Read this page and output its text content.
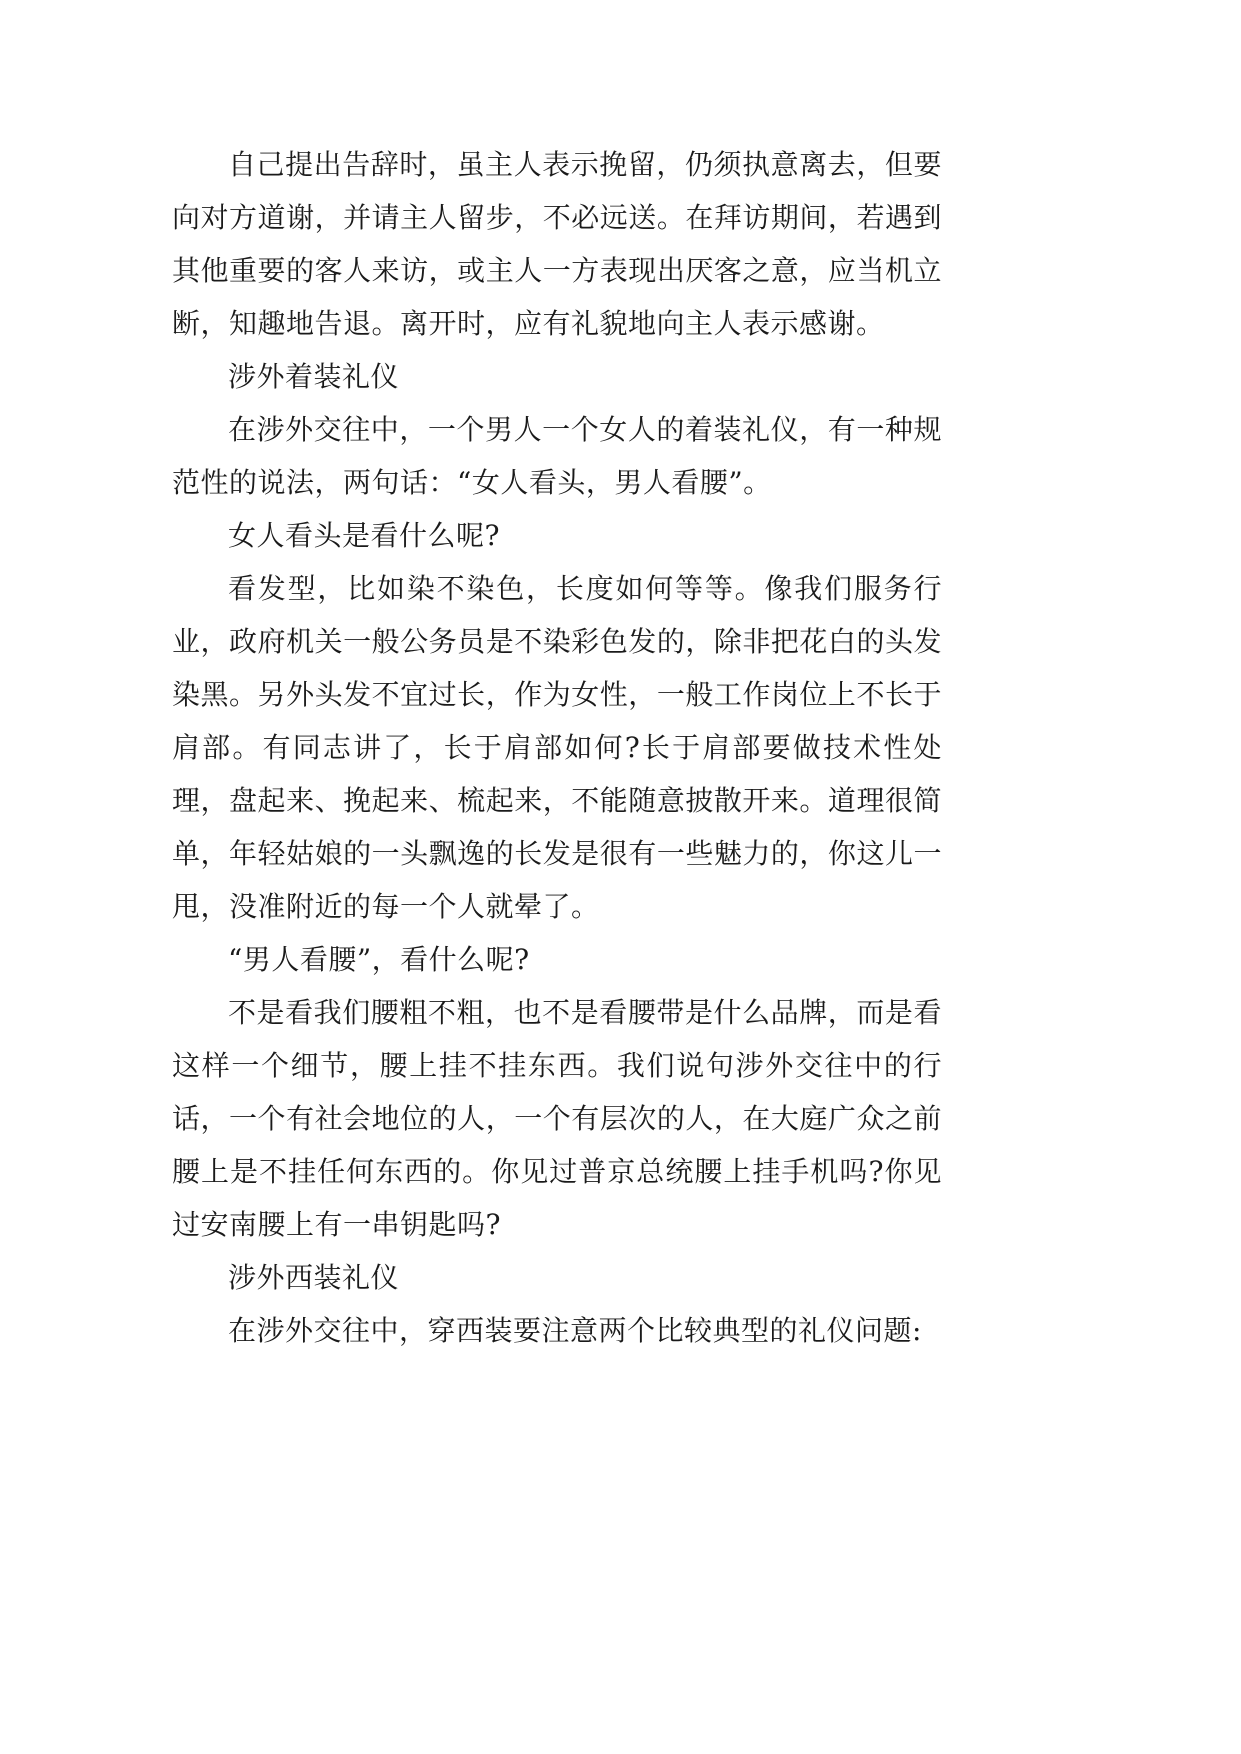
自己提出告辞时，虽主人表示挽留，仍须执意离去，但要向对方道谢，并请主人留步，不必远送。在拜访期间，若遇到其他重要的客人来访，或主人一方表现出厌客之意，应当机立断，知趣地告退。离开时，应有礼貌地向主人表示感谢。

涉外着装礼仪

在涉外交往中，一个男人一个女人的着装礼仪，有一种规范性的说法，两句话：“女人看头，男人看腰”。

女人看头是看什么呢?

看发型，比如染不染色，长度如何等等。像我们服务行业，政府机关一般公务员是不染彩色发的，除非把花白的头发染黑。另外头发不宜过长，作为女性，一般工作岗位上不长于肩部。有同志讲了，长于肩部如何?长于肩部要做技术性处理，盘起来、挽起来、梳起来，不能随意披散开来。道理很简单，年轻姑娘的一头飘逸的长发是很有一些魅力的，你这儿一甩，没准附近的每一个人就晕了。

“男人看腰”，看什么呢?

不是看我们腰粗不粗，也不是看腰带是什么品牌，而是看这样一个细节，腰上挂不挂东西。我们说句涉外交往中的行话，一个有社会地位的人，一个有层次的人，在大庭广众之前腰上是不挂任何东西的。你见过普京总统腰上挂手机吗?你见过安南腰上有一串钥匙吗?

涉外西装礼仪

在涉外交往中，穿西装要注意两个比较典型的礼仪问题:
